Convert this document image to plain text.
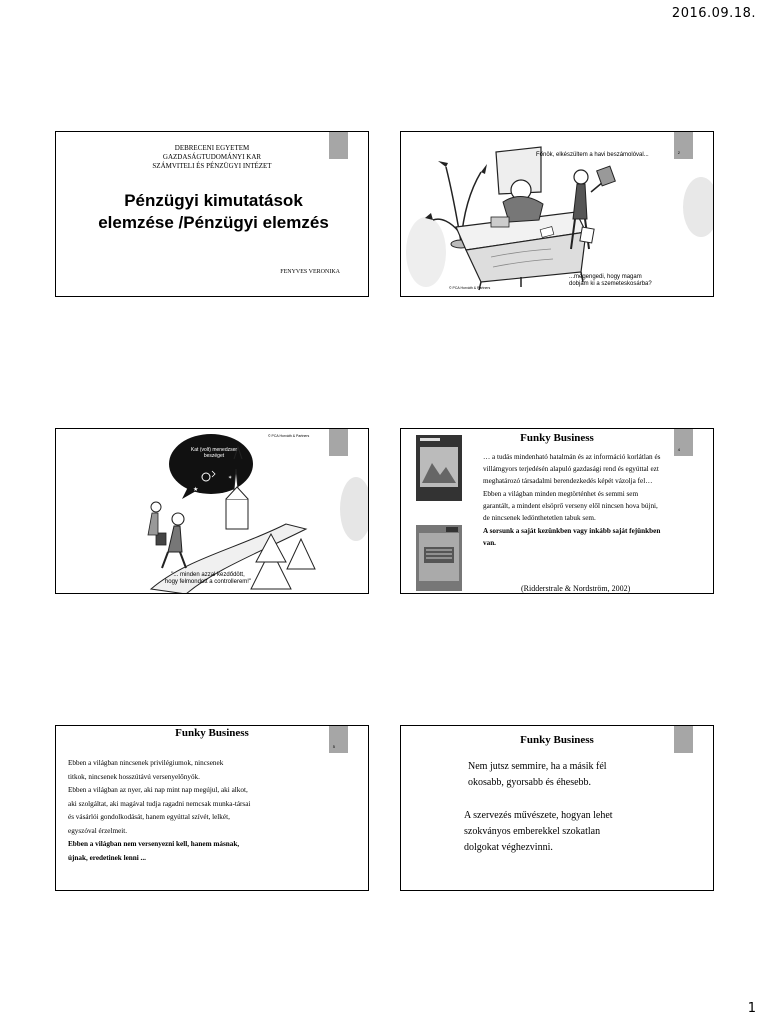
2016.09.18.
DEBRECENI EGYETEM
GAZDASÁGTUDOMÁNYI KAR
SZÁMVITELI ÉS PÉNZÜGYI INTÉZET
Pénzügyi kimutatások
elemzése /Pénzügyi elemzés
FENYVES VERONIKA
2
Főnök, elkészültem a havi beszámolóval...
...megengedi, hogy magam
dobjam ki a szemeteskosárba?
© PCA Horváth & Partners
★
✶
© PCA Horváth & Partners
Kat (volt) menedzser
beszéget
"... minden azzal kezdődött,
hogy felmondott a controllerem!"
4
Funky Business

… a tudás mindenható hatalmán és az információ korlátlan és villámgyors terjedésén alapuló gazdasági rend és egyúttal ezt meghatározó társadalmi berendezkedés képét vázolja fel…

Ebben a világban minden megtörténhet és semmi sem garantált, a mindent elsöprő verseny elől nincsen hova bújni, de nincsenek ledönthetetlen tabuk sem.

A sorsunk a saját kezünkben vagy inkább saját fejünkben van.

(Ridderstrale & Nordström, 2002)
5
Funky Business

Ebben a világban nincsenek privilégiumok, nincsenek

titkok, nincsenek hosszútávú versenyelőnyök.

Ebben a világban az nyer, aki nap mint nap megújul, aki alkot,

aki szolgáltat, aki magával tudja ragadni nemcsak munka-társai

és vásárlói gondolkodását, hanem egyúttal szívét, lelkét,

egyszóval érzelmeit.

Ebben a világban nem versenyezni kell, hanem másnak,

újnak, eredetinek lenni ...

Funky Business
Nem jutsz semmire, ha a másik fél
okosabb, gyorsabb és éhesebb.
A szervezés művészete, hogyan lehet
szokványos emberekkel szokatlan
dolgokat véghezvinni.
1
